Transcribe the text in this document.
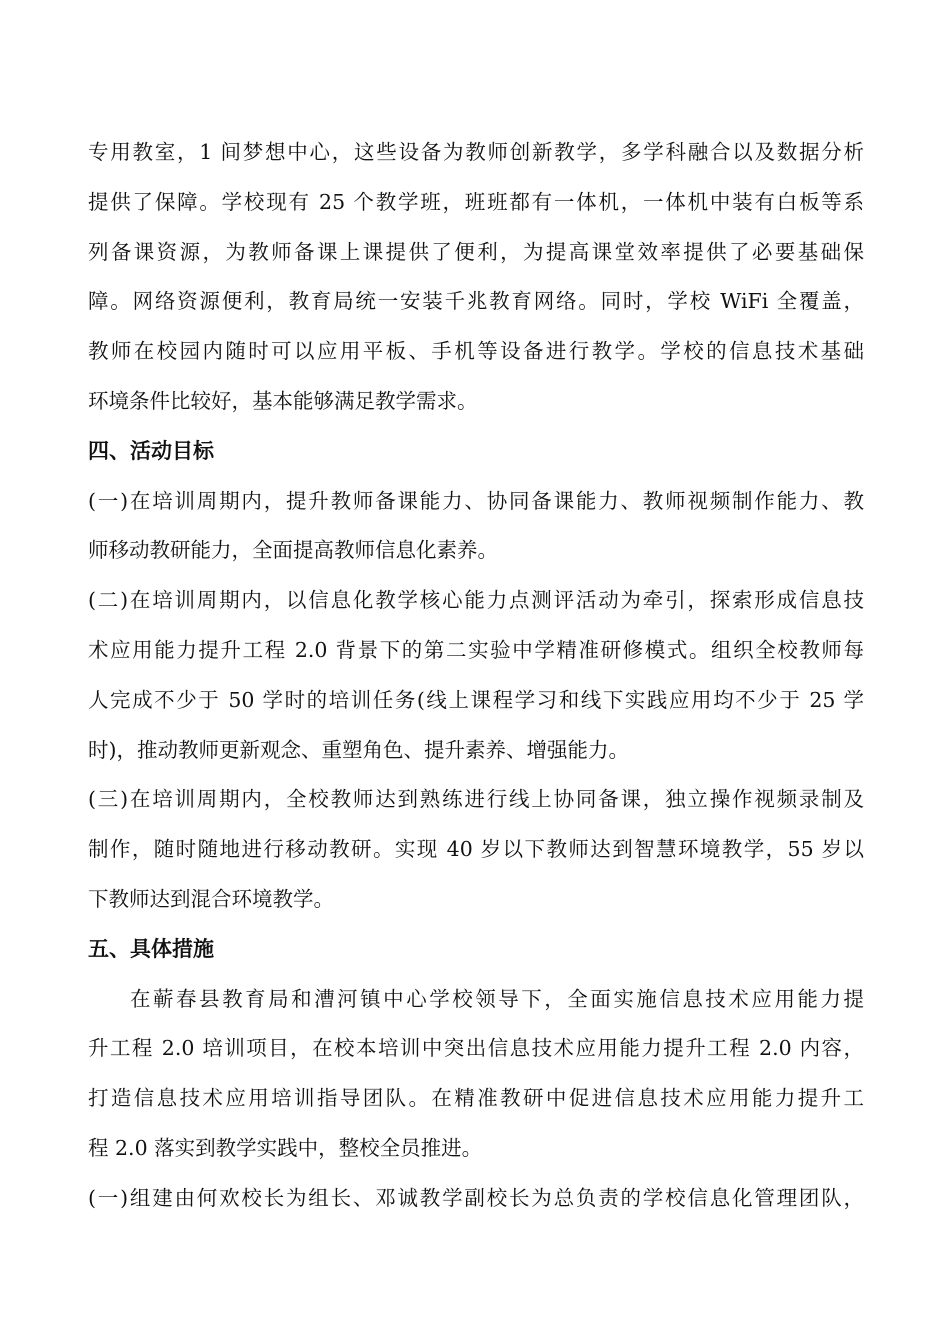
专用教室，1 间梦想中心，这些设备为教师创新教学，多学科融合以及数据分析
提供了保障。学校现有 25 个教学班，班班都有一体机，一体机中装有白板等系
列备课资源，为教师备课上课提供了便利，为提高课堂效率提供了必要基础保
障。网络资源便利，教育局统一安装千兆教育网络。同时，学校 WiFi 全覆盖，
教师在校园内随时可以应用平板、手机等设备进行教学。学校的信息技术基础
环境条件比较好，基本能够满足教学需求。
四、活动目标
(一)在培训周期内，提升教师备课能力、协同备课能力、教师视频制作能力、教
师移动教研能力，全面提高教师信息化素养。
(二)在培训周期内，以信息化教学核心能力点测评活动为牵引，探索形成信息技
术应用能力提升工程 2.0 背景下的第二实验中学精准研修模式。组织全校教师每
人完成不少于 50 学时的培训任务(线上课程学习和线下实践应用均不少于 25 学
时)，推动教师更新观念、重塑角色、提升素养、增强能力。
(三)在培训周期内，全校教师达到熟练进行线上协同备课，独立操作视频录制及
制作，随时随地进行移动教研。实现 40 岁以下教师达到智慧环境教学，55 岁以
下教师达到混合环境教学。
五、具体措施
在蕲春县教育局和漕河镇中心学校领导下，全面实施信息技术应用能力提
升工程 2.0 培训项目，在校本培训中突出信息技术应用能力提升工程 2.0 内容，
打造信息技术应用培训指导团队。在精准教研中促进信息技术应用能力提升工
程 2.0 落实到教学实践中，整校全员推进。
(一)组建由何欢校长为组长、邓诚教学副校长为总负责的学校信息化管理团队，
